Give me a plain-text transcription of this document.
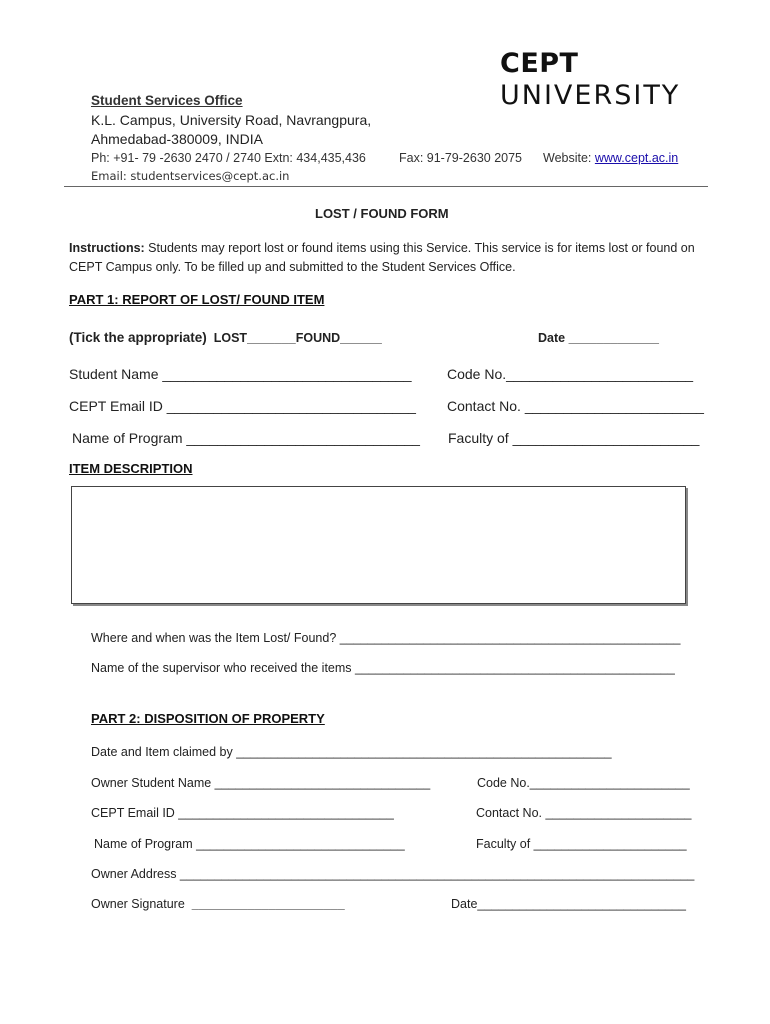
CEPT
UNIVERSITY
Student Services Office
K.L. Campus, University Road, Navrangpura,
Ahmedabad-380009, INDIA
Ph: +91- 79 -2630 2470 / 2740 Extn: 434,435,436	Fax: 91-79-2630 2075 Website: www.cept.ac.in
Email: studentservices@cept.ac.in
LOST / FOUND FORM
Instructions: Students may report lost or found items using this Service. This service is for items lost or found on CEPT Campus only. To be filled up and submitted to the Student Services Office.
PART 1: REPORT OF LOST/ FOUND ITEM
(Tick the appropriate) LOST_______FOUND______	Date _____________
Student Name ________________________________	Code No.________________________
CEPT Email ID ________________________________ Contact No. _______________________
Name of Program ______________________________ Faculty of ________________________
ITEM DESCRIPTION
Where and when was the Item Lost/ Found? _________________________________________________
Name of the supervisor who received the items ______________________________________________
PART 2: DISPOSITION OF PROPERTY
Date and Item claimed by ______________________________________________________
Owner Student Name _______________________________	Code No._______________________
CEPT Email ID _______________________________	Contact No. _____________________
Name of Program ______________________________	Faculty of ______________________
Owner Address __________________________________________________________________________
Owner Signature ______________________	Date______________________________
